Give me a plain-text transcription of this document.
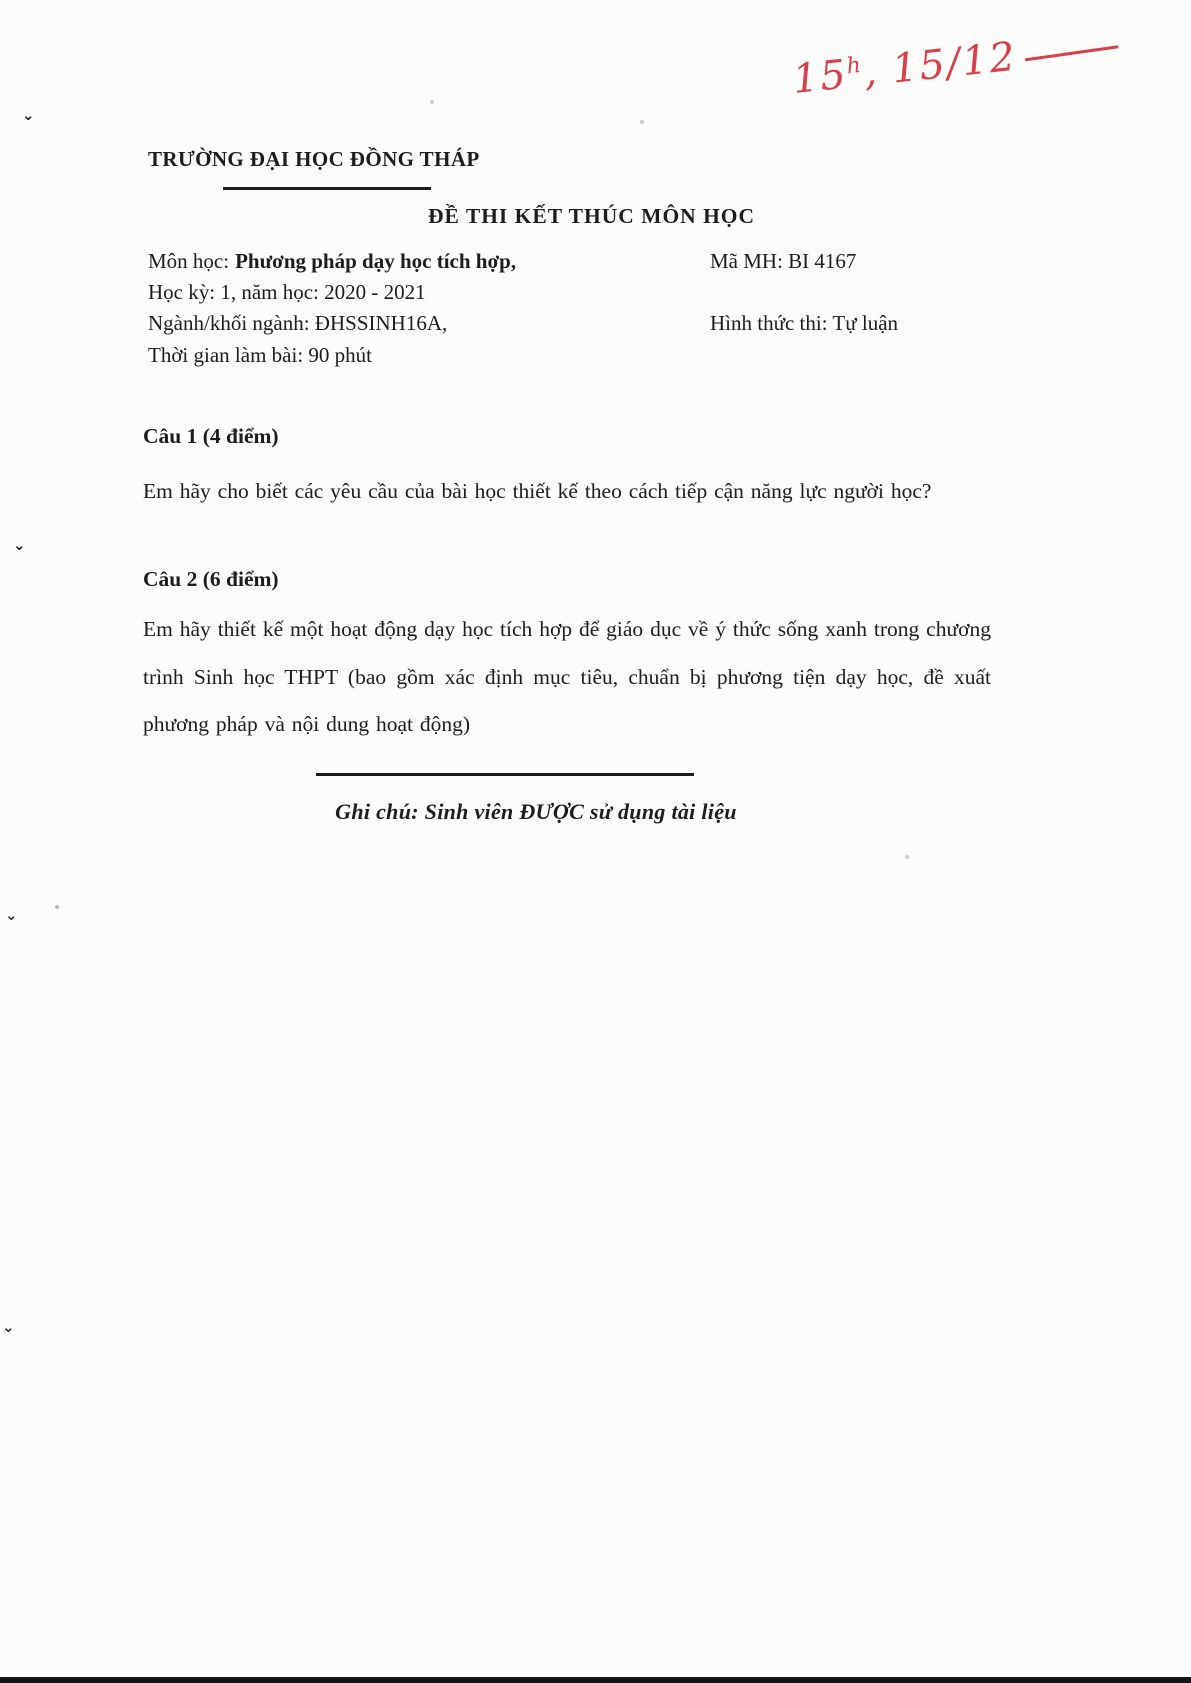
15$^h$, 15/12
TRƯỜNG ĐẠI HỌC ĐỒNG THÁP
ĐỀ THI KẾT THÚC MÔN HỌC
Môn học: Phương pháp dạy học tích hợp,	Mã MH: BI 4167
Học kỳ: 1, năm học: 2020 - 2021
Ngành/khối ngành: ĐHSSINH16A,	Hình thức thi: Tự luận
Thời gian làm bài: 90 phút
Câu 1 (4 điểm)
Em hãy cho biết các yêu cầu của bài học thiết kế theo cách tiếp cận năng lực người học?
Câu 2 (6 điểm)
Em hãy thiết kế một hoạt động dạy học tích hợp để giáo dục về ý thức sống xanh trong chương trình Sinh học THPT (bao gồm xác định mục tiêu, chuẩn bị phương tiện dạy học, đề xuất phương pháp và nội dung hoạt động)
Ghi chú: Sinh viên ĐƯỢC sử dụng tài liệu
⌄
⌄
⌄
⌄
